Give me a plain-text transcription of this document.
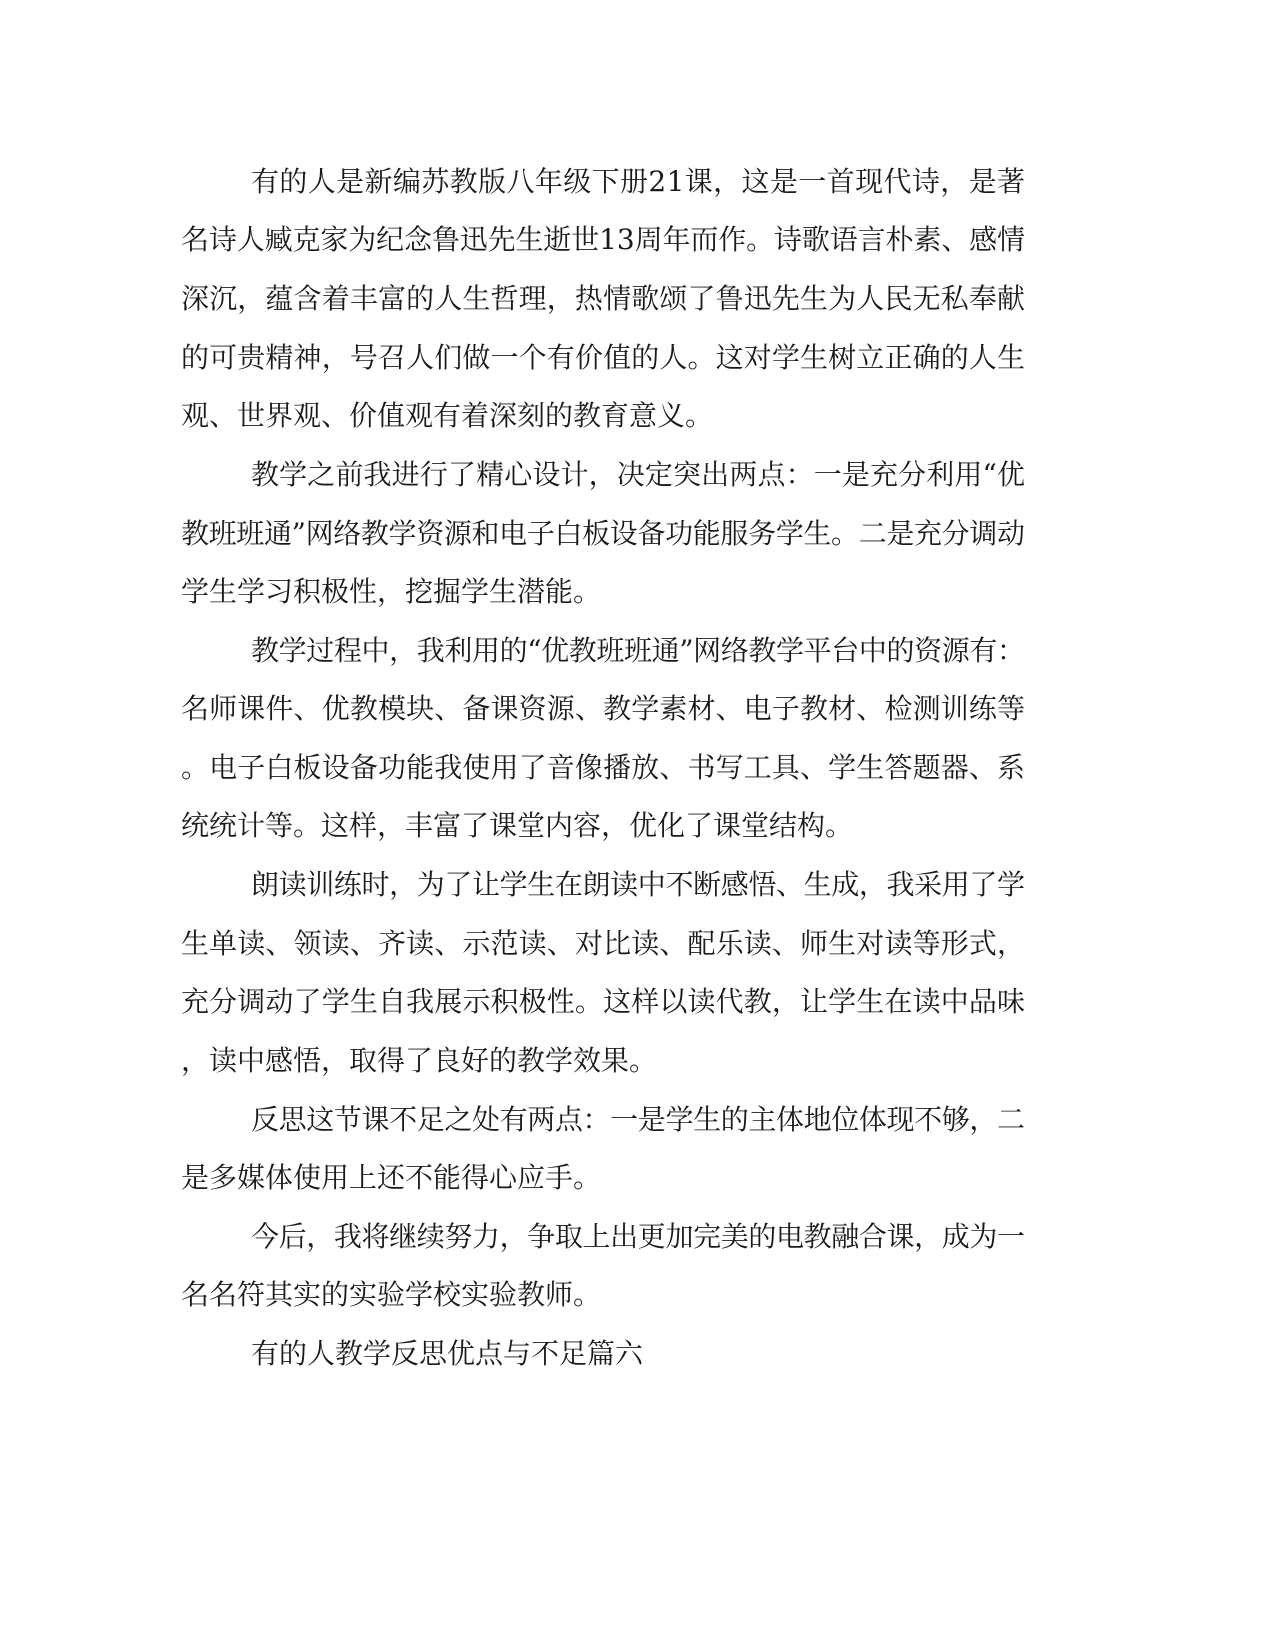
有的人是新编苏教版八年级下册21课，这是一首现代诗，是著
名诗人臧克家为纪念鲁迅先生逝世13周年而作。诗歌语言朴素、感情
深沉，蕴含着丰富的人生哲理，热情歌颂了鲁迅先生为人民无私奉献
的可贵精神，号召人们做一个有价值的人。这对学生树立正确的人生
观、世界观、价值观有着深刻的教育意义。
教学之前我进行了精心设计，决定突出两点：一是充分利用“优
教班班通”网络教学资源和电子白板设备功能服务学生。二是充分调动
学生学习积极性，挖掘学生潜能。
教学过程中，我利用的“优教班班通”网络教学平台中的资源有：
名师课件、优教模块、备课资源、教学素材、电子教材、检测训练等
。电子白板设备功能我使用了音像播放、书写工具、学生答题器、系
统统计等。这样，丰富了课堂内容，优化了课堂结构。
朗读训练时，为了让学生在朗读中不断感悟、生成，我采用了学
生单读、领读、齐读、示范读、对比读、配乐读、师生对读等形式，
充分调动了学生自我展示积极性。这样以读代教，让学生在读中品味
，读中感悟，取得了良好的教学效果。
反思这节课不足之处有两点：一是学生的主体地位体现不够，二
是多媒体使用上还不能得心应手。
今后，我将继续努力，争取上出更加完美的电教融合课，成为一
名名符其实的实验学校实验教师。
有的人教学反思优点与不足篇六
